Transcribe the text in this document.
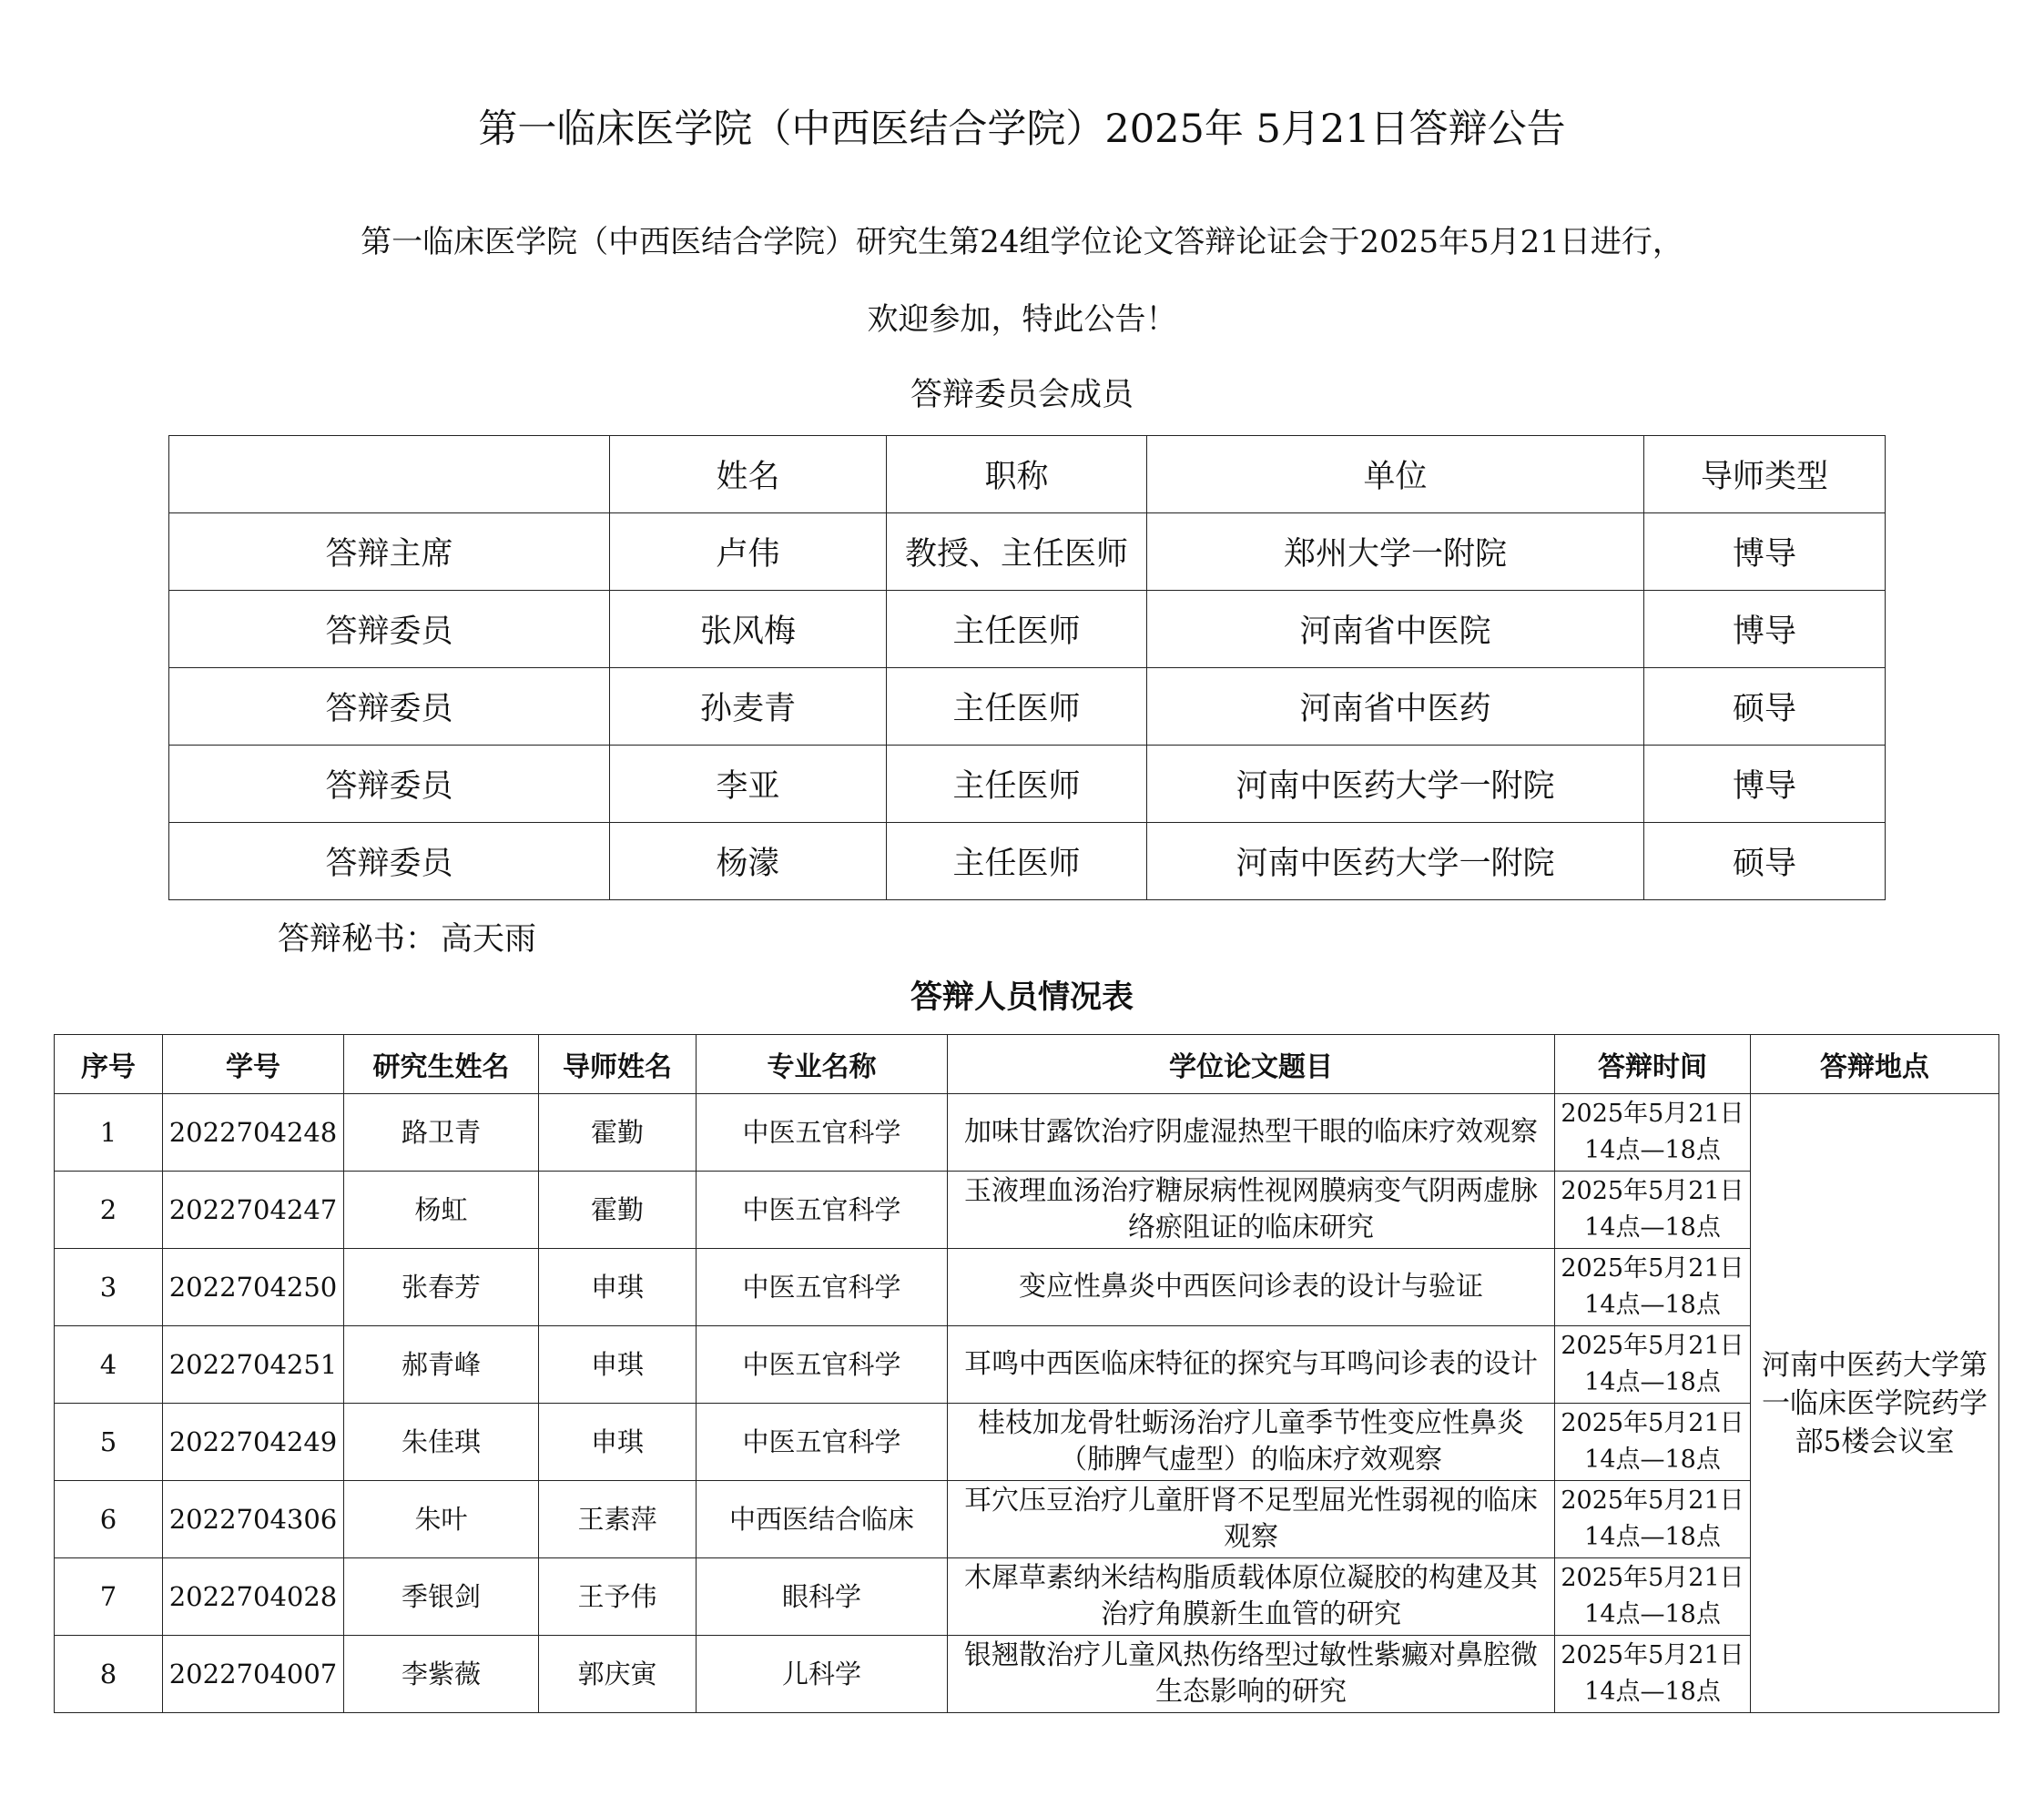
第一临床医学院（中西医结合学院）2025年 5月21日答辩公告
第一临床医学院（中西医结合学院）研究生第24组学位论文答辩论证会于2025年5月21日进行，
欢迎参加，特此公告！
答辩委员会成员
	姓名	职称	单位	导师类型
答辩主席	卢伟	教授、主任医师	郑州大学一附院	博导
答辩委员	张风梅	主任医师	河南省中医院	博导
答辩委员	孙麦青	主任医师	河南省中医药	硕导
答辩委员	李亚	主任医师	河南中医药大学一附院	博导
答辩委员	杨濛	主任医师	河南中医药大学一附院	硕导
答辩秘书： 高天雨
答辩人员情况表
序号	学号	研究生姓名	导师姓名	专业名称	学位论文题目	答辩时间	答辩地点
1	2022704248	路卫青	霍勤	中医五官科学	加味甘露饮治疗阴虚湿热型干眼的临床疗效观察	2025年5月21日14点—18点	河南中医药大学第一临床医学院药学部5楼会议室
2	2022704247	杨虹	霍勤	中医五官科学	玉液理血汤治疗糖尿病性视网膜病变气阴两虚脉络瘀阻证的临床研究	2025年5月21日14点—18点	
3	2022704250	张春芳	申琪	中医五官科学	变应性鼻炎中西医问诊表的设计与验证	2025年5月21日14点—18点	
4	2022704251	郝青峰	申琪	中医五官科学	耳鸣中西医临床特征的探究与耳鸣问诊表的设计	2025年5月21日14点—18点	
5	2022704249	朱佳琪	申琪	中医五官科学	桂枝加龙骨牡蛎汤治疗儿童季节性变应性鼻炎（肺脾气虚型）的临床疗效观察	2025年5月21日14点—18点	
6	2022704306	朱叶	王素萍	中西医结合临床	耳穴压豆治疗儿童肝肾不足型屈光性弱视的临床观察	2025年5月21日14点—18点	
7	2022704028	季银剑	王予伟	眼科学	木犀草素纳米结构脂质载体原位凝胶的构建及其治疗角膜新生血管的研究	2025年5月21日14点—18点	
8	2022704007	李紫薇	郭庆寅	儿科学	银翘散治疗儿童风热伤络型过敏性紫癜对鼻腔微生态影响的研究	2025年5月21日14点—18点	
